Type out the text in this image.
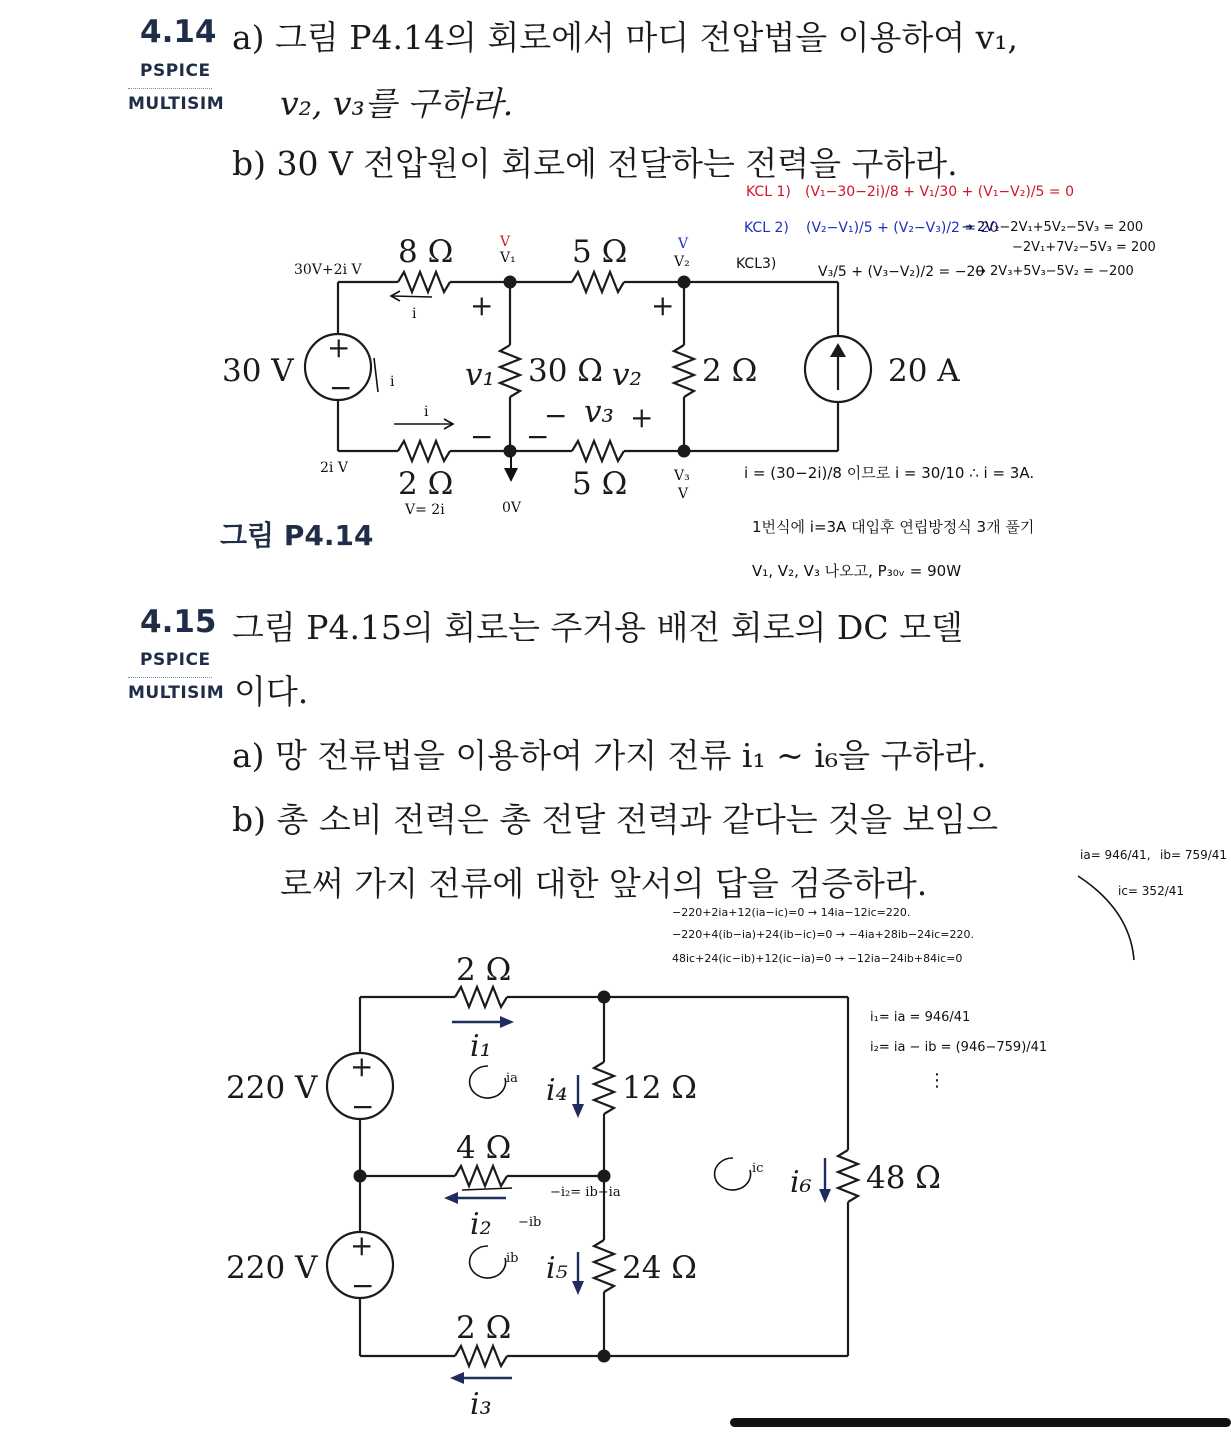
4.14
PSPICE
MULTISIM
a) 그림 P4.14의 회로에서 마디 전압법을 이용하여 v₁,
v₂, v₃를 구하라.
b) 30 V 전압원이 회로에 전달하는 전력을 구하라.
그림 P4.14
8 Ω	5 Ω
2 Ω	5 Ω
30 Ω	2 Ω
30 V	20 A
v₁	v₂
v₃
+
−
+
−
+
− +
−
V
V₁
V
V₂
V₃
V
30V+2i V
2i V
i
i
i
V= 2i	0V
KCL 1) (V₁−30−2i)/8 + V₁/30 + (V₁−V₂)/5 = 0
KCL 2) (V₂−V₁)/5 + (V₂−V₃)/2 = 20
→ 2V₂−2V₁+5V₂−5V₃ = 200
−2V₁+7V₂−5V₃ = 200
KCL3)	V₃/5 + (V₃−V₂)/2 = −20
→ 2V₃+5V₃−5V₂ = −200
i = (30−2i)/8 이므로 i = 30/10 ∴ i = 3A.
1번식에 i=3A 대입후 연립방정식 3개 풀기
V₁, V₂, V₃ 나오고, P₃₀ᵥ = 90W
4.15
PSPICE
MULTISIM
그림 P4.15의 회로는 주거용 배전 회로의 DC 모델
이다.
a) 망 전류법을 이용하여 가지 전류 i₁ ~ i₆을 구하라.
b) 총 소비 전력은 총 전달 전력과 같다는 것을 보임으
로써 가지 전류에 대한 앞서의 답을 검증하라.
2 Ω
4 Ω
2 Ω
12 Ω
24 Ω
48 Ω
220 V
220 V
i₁
i₂
i₃
i₄
i₅
i₆
+
−
+
−
ia
ib
ic
−i₂= ib−ia
−ib
ia= 946/41, ib= 759/41
ic= 352/41
−220+2ia+12(ia−ic)=0 → 14ia−12ic=220.
−220+4(ib−ia)+24(ib−ic)=0 → −4ia+28ib−24ic=220.
48ic+24(ic−ib)+12(ic−ia)=0 → −12ia−24ib+84ic=0
i₁= ia = 946/41
i₂= ia − ib = (946−759)/41
⋮
